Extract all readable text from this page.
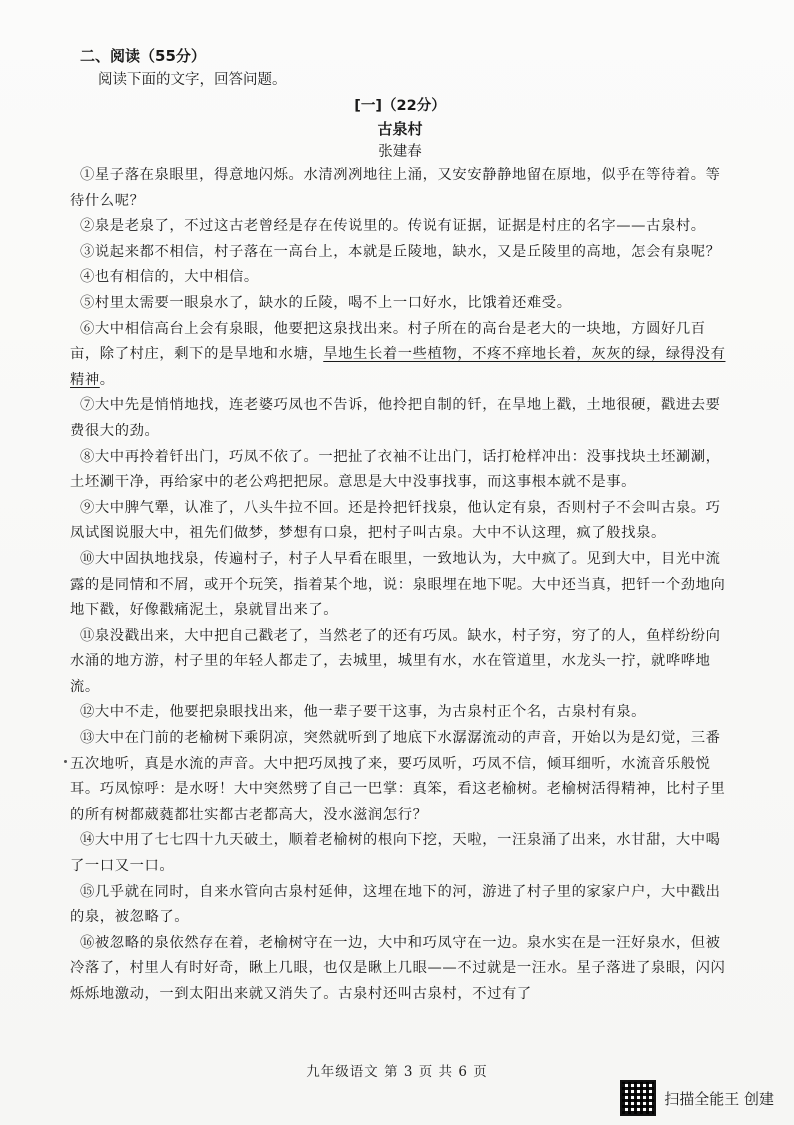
二、阅读（55分）
阅读下面的文字，回答问题。
[一]（22分）
古泉村
张建春

①星子落在泉眼里，得意地闪烁。水清冽冽地往上涌，又安安静静地留在原地，似乎在等待着。等待什么呢？

②泉是老泉了，不过这古老曾经是存在传说里的。传说有证据，证据是村庄的名字——古泉村。

③说起来都不相信，村子落在一高台上，本就是丘陵地，缺水，又是丘陵里的高地，怎会有泉呢？

④也有相信的，大中相信。

⑤村里太需要一眼泉水了，缺水的丘陵，喝不上一口好水，比饿着还难受。

⑥大中相信高台上会有泉眼，他要把这泉找出来。村子所在的高台是老大的一块地，方圆好几百亩，除了村庄，剩下的是旱地和水塘，旱地生长着一些植物，不疼不痒地长着，灰灰的绿，绿得没有精神。

⑦大中先是悄悄地找，连老婆巧凤也不告诉，他拎把自制的钎，在旱地上戳，土地很硬，戳进去要费很大的劲。

⑧大中再拎着钎出门，巧凤不依了。一把扯了衣袖不让出门，话打枪样冲出：没事找块土坯涮涮，土坯涮干净，再给家中的老公鸡把把尿。意思是大中没事找事，而这事根本就不是事。

⑨大中脾气犟，认准了，八头牛拉不回。还是拎把钎找泉，他认定有泉，否则村子不会叫古泉。巧凤试图说服大中，祖先们做梦，梦想有口泉，把村子叫古泉。大中不认这理，疯了般找泉。

⑩大中固执地找泉，传遍村子，村子人早看在眼里，一致地认为，大中疯了。见到大中，目光中流露的是同情和不屑，或开个玩笑，指着某个地，说：泉眼埋在地下呢。大中还当真，把钎一个劲地向地下戳，好像戳痛泥土，泉就冒出来了。

⑪泉没戳出来，大中把自己戳老了，当然老了的还有巧凤。缺水，村子穷，穷了的人，鱼样纷纷向水涌的地方游，村子里的年轻人都走了，去城里，城里有水，水在管道里，水龙头一拧，就哗哗地流。

⑫大中不走，他要把泉眼找出来，他一辈子要干这事，为古泉村正个名，古泉村有泉。

⑬大中在门前的老榆树下乘阴凉，突然就听到了地底下水潺潺流动的声音，开始以为是幻觉，三番五次地听，真是水流的声音。大中把巧凤拽了来，要巧凤听，巧凤不信，倾耳细听，水流音乐般悦耳。巧凤惊呼：是水呀！大中突然劈了自己一巴掌：真笨，看这老榆树。老榆树活得精神，比村子里的所有树都葳蕤都壮实都古老都高大，没水滋润怎行？

⑭大中用了七七四十九天破土，顺着老榆树的根向下挖，天啦，一汪泉涌了出来，水甘甜，大中喝了一口又一口。

⑮几乎就在同时，自来水管向古泉村延伸，这埋在地下的河，游进了村子里的家家户户，大中戳出的泉，被忽略了。

⑯被忽略的泉依然存在着，老榆树守在一边，大中和巧凤守在一边。泉水实在是一汪好泉水，但被冷落了，村里人有时好奇，瞅上几眼，也仅是瞅上几眼——不过就是一汪水。星子落进了泉眼，闪闪烁烁地激动，一到太阳出来就又消失了。古泉村还叫古泉村，不过有了

九年级语文 第 3 页 共 6 页
扫描全能王 创建
